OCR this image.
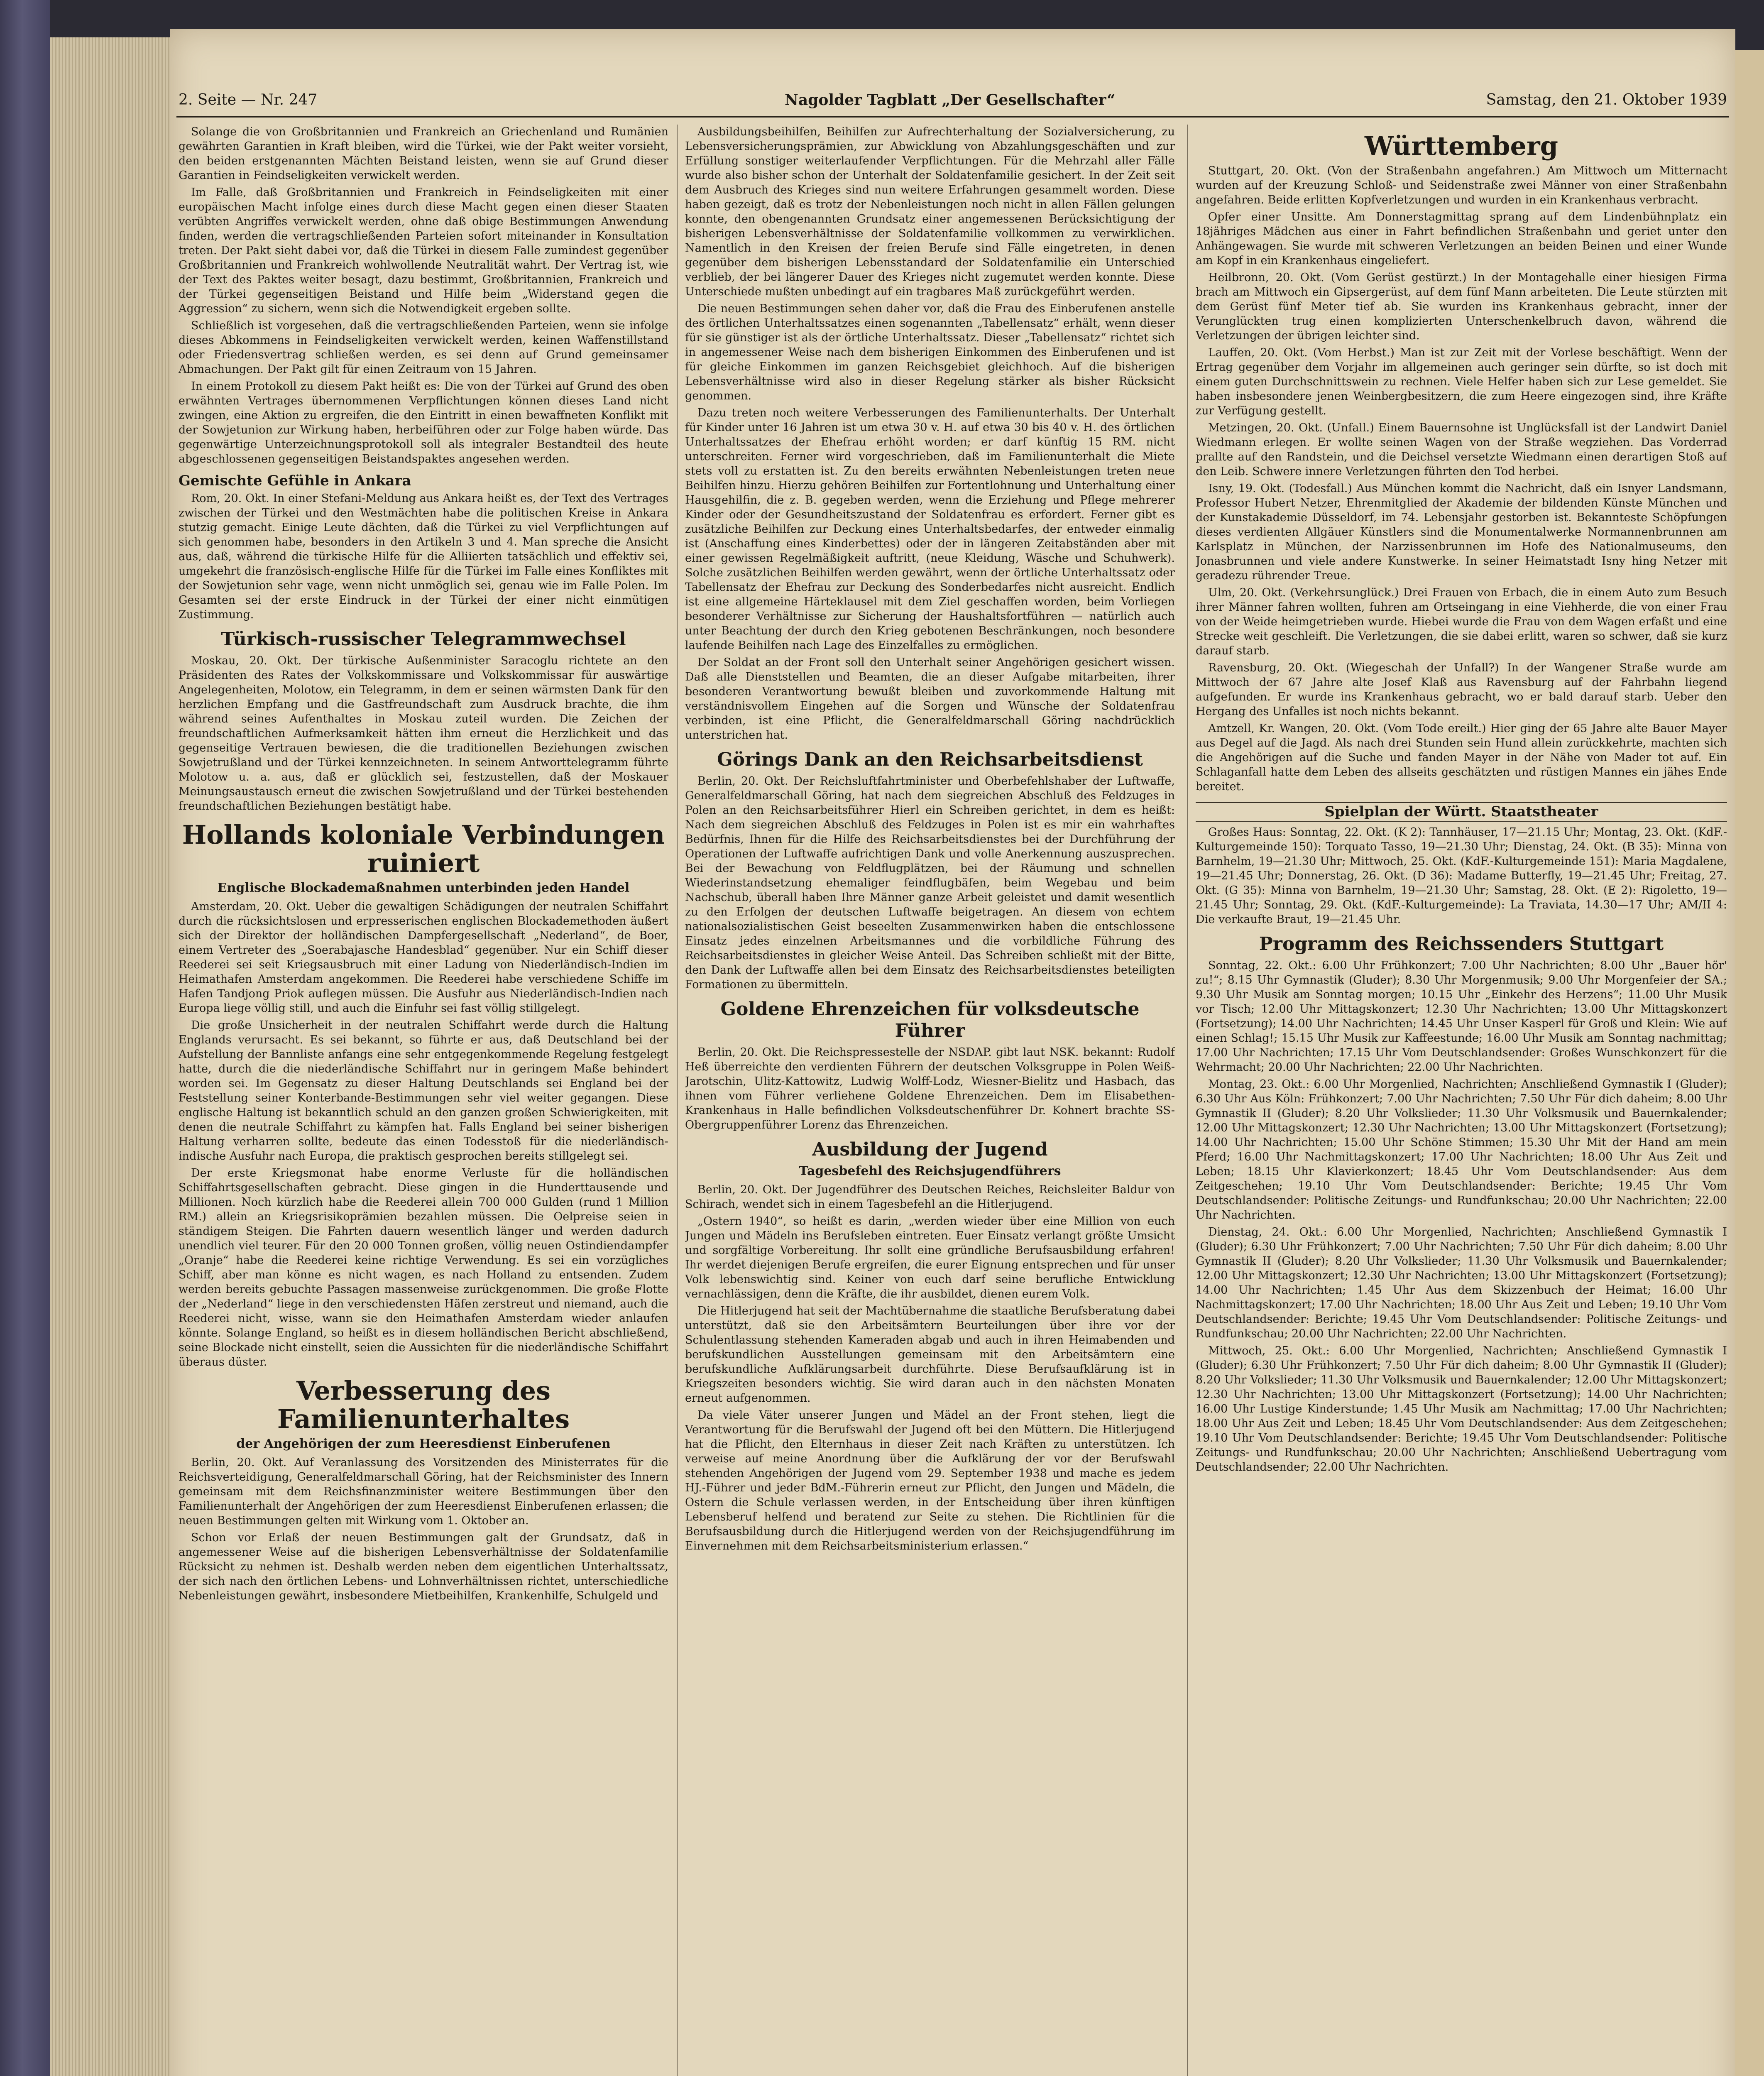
2. Seite — Nr. 247	Nagolder Tagblatt „Der Gesellschafter“	Samstag, den 21. Oktober 1939

Solange die von Großbritannien und Frankreich an Griechenland und Rumänien gewährten Garantien in Kraft bleiben, wird die Türkei, wie der Pakt weiter vorsieht, den beiden erstgenannten Mächten Beistand leisten, wenn sie auf Grund dieser Garantien in Feindseligkeiten verwickelt werden.

Im Falle, daß Großbritannien und Frankreich in Feindseligkeiten mit einer europäischen Macht infolge eines durch diese Macht gegen einen dieser Staaten verübten Angriffes verwickelt werden, ohne daß obige Bestimmungen Anwendung finden, werden die vertragschließenden Parteien sofort miteinander in Konsultation treten. Der Pakt sieht dabei vor, daß die Türkei in diesem Falle zumindest gegenüber Großbritannien und Frankreich wohlwollende Neutralität wahrt. Der Vertrag ist, wie der Text des Paktes weiter besagt, dazu bestimmt, Großbritannien, Frankreich und der Türkei gegenseitigen Beistand und Hilfe beim „Widerstand gegen die Aggression“ zu sichern, wenn sich die Notwendigkeit ergeben sollte.

Schließlich ist vorgesehen, daß die vertragschließenden Parteien, wenn sie infolge dieses Abkommens in Feindseligkeiten verwickelt werden, keinen Waffenstillstand oder Friedensvertrag schließen werden, es sei denn auf Grund gemeinsamer Abmachungen. Der Pakt gilt für einen Zeitraum von 15 Jahren.

In einem Protokoll zu diesem Pakt heißt es: Die von der Türkei auf Grund des oben erwähnten Vertrages übernommenen Verpflichtungen können dieses Land nicht zwingen, eine Aktion zu ergreifen, die den Eintritt in einen bewaffneten Konflikt mit der Sowjetunion zur Wirkung haben, herbeiführen oder zur Folge haben würde. Das gegenwärtige Unterzeichnungsprotokoll soll als integraler Bestandteil des heute abgeschlossenen gegenseitigen Beistandspaktes angesehen werden.

Gemischte Gefühle in Ankara

Rom, 20. Okt. In einer Stefani-Meldung aus Ankara heißt es, der Text des Vertrages zwischen der Türkei und den Westmächten habe die politischen Kreise in Ankara stutzig gemacht. Einige Leute dächten, daß die Türkei zu viel Verpflichtungen auf sich genommen habe, besonders in den Artikeln 3 und 4. Man spreche die Ansicht aus, daß, während die türkische Hilfe für die Alliierten tatsächlich und effektiv sei, umgekehrt die französisch-englische Hilfe für die Türkei im Falle eines Konfliktes mit der Sowjetunion sehr vage, wenn nicht unmöglich sei, genau wie im Falle Polen. Im Gesamten sei der erste Eindruck in der Türkei der einer nicht einmütigen Zustimmung.

Türkisch-russischer Telegrammwechsel

Moskau, 20. Okt. Der türkische Außenminister Saracoglu richtete an den Präsidenten des Rates der Volkskommissare und Volkskommissar für auswärtige Angelegenheiten, Molotow, ein Telegramm, in dem er seinen wärmsten Dank für den herzlichen Empfang und die Gastfreundschaft zum Ausdruck brachte, die ihm während seines Aufenthaltes in Moskau zuteil wurden. Die Zeichen der freundschaftlichen Aufmerksamkeit hätten ihm erneut die Herzlichkeit und das gegenseitige Vertrauen bewiesen, die die traditionellen Beziehungen zwischen Sowjetrußland und der Türkei kennzeichneten. In seinem Antworttelegramm führte Molotow u. a. aus, daß er glücklich sei, festzustellen, daß der Moskauer Meinungsaustausch erneut die zwischen Sowjetrußland und der Türkei bestehenden freundschaftlichen Beziehungen bestätigt habe.

Hollands koloniale Verbindungen ruiniert
Englische Blockademaßnahmen unterbinden jeden Handel

Amsterdam, 20. Okt. Ueber die gewaltigen Schädigungen der neutralen Schiffahrt durch die rücksichtslosen und erpresserischen englischen Blockademethoden äußert sich der Direktor der holländischen Dampfergesellschaft „Nederland“, de Boer, einem Vertreter des „Soerabajasche Handesblad“ gegenüber. Nur ein Schiff dieser Reederei sei seit Kriegsausbruch mit einer Ladung von Niederländisch-Indien im Heimathafen Amsterdam angekommen. Die Reederei habe verschiedene Schiffe im Hafen Tandjong Priok auflegen müssen. Die Ausfuhr aus Niederländisch-Indien nach Europa liege völlig still, und auch die Einfuhr sei fast völlig stillgelegt.

Die große Unsicherheit in der neutralen Schiffahrt werde durch die Haltung Englands verursacht. Es sei bekannt, so führte er aus, daß Deutschland bei der Aufstellung der Bannliste anfangs eine sehr entgegenkommende Regelung festgelegt hatte, durch die die niederländische Schiffahrt nur in geringem Maße behindert worden sei. Im Gegensatz zu dieser Haltung Deutschlands sei England bei der Feststellung seiner Konterbande-Bestimmungen sehr viel weiter gegangen. Diese englische Haltung ist bekanntlich schuld an den ganzen großen Schwierigkeiten, mit denen die neutrale Schiffahrt zu kämpfen hat. Falls England bei seiner bisherigen Haltung verharren sollte, bedeute das einen Todesstoß für die niederländisch-indische Ausfuhr nach Europa, die praktisch gesprochen bereits stillgelegt sei.

Der erste Kriegsmonat habe enorme Verluste für die holländischen Schiffahrtsgesellschaften gebracht. Diese gingen in die Hunderttausende und Millionen. Noch kürzlich habe die Reederei allein 700 000 Gulden (rund 1 Million RM.) allein an Kriegsrisikoprämien bezahlen müssen. Die Oelpreise seien in ständigem Steigen. Die Fahrten dauern wesentlich länger und werden dadurch unendlich viel teurer. Für den 20 000 Tonnen großen, völlig neuen Ostindiendampfer „Oranje“ habe die Reederei keine richtige Verwendung. Es sei ein vorzügliches Schiff, aber man könne es nicht wagen, es nach Holland zu entsenden. Zudem werden bereits gebuchte Passagen massenweise zurückgenommen. Die große Flotte der „Nederland“ liege in den verschiedensten Häfen zerstreut und niemand, auch die Reederei nicht, wisse, wann sie den Heimathafen Amsterdam wieder anlaufen könnte. Solange England, so heißt es in diesem holländischen Bericht abschließend, seine Blockade nicht einstellt, seien die Aussichten für die niederländische Schiffahrt überaus düster.

Verbesserung des Familienunterhaltes
der Angehörigen der zum Heeresdienst Einberufenen

Berlin, 20. Okt. Auf Veranlassung des Vorsitzenden des Ministerrates für die Reichsverteidigung, Generalfeldmarschall Göring, hat der Reichsminister des Innern gemeinsam mit dem Reichsfinanzminister weitere Bestimmungen über den Familienunterhalt der Angehörigen der zum Heeresdienst Einberufenen erlassen; die neuen Bestimmungen gelten mit Wirkung vom 1. Oktober an.

Schon vor Erlaß der neuen Bestimmungen galt der Grundsatz, daß in angemessener Weise auf die bisherigen Lebensverhältnisse der Soldatenfamilie Rücksicht zu nehmen ist. Deshalb werden neben dem eigentlichen Unterhaltssatz, der sich nach den örtlichen Lebens- und Lohnverhältnissen richtet, unterschiedliche Nebenleistungen gewährt, insbesondere Mietbeihilfen, Krankenhilfe, Schulgeld und

Ausbildungsbeihilfen, Beihilfen zur Aufrechterhaltung der Sozialversicherung, zu Lebensversicherungsprämien, zur Abwicklung von Abzahlungsgeschäften und zur Erfüllung sonstiger weiterlaufender Verpflichtungen. Für die Mehrzahl aller Fälle wurde also bisher schon der Unterhalt der Soldatenfamilie gesichert. In der Zeit seit dem Ausbruch des Krieges sind nun weitere Erfahrungen gesammelt worden. Diese haben gezeigt, daß es trotz der Nebenleistungen noch nicht in allen Fällen gelungen konnte, den obengenannten Grundsatz einer angemessenen Berücksichtigung der bisherigen Lebensverhältnisse der Soldatenfamilie vollkommen zu verwirklichen. Namentlich in den Kreisen der freien Berufe sind Fälle eingetreten, in denen gegenüber dem bisherigen Lebensstandard der Soldatenfamilie ein Unterschied verblieb, der bei längerer Dauer des Krieges nicht zugemutet werden konnte. Diese Unterschiede mußten unbedingt auf ein tragbares Maß zurückgeführt werden.

Die neuen Bestimmungen sehen daher vor, daß die Frau des Einberufenen anstelle des örtlichen Unterhaltssatzes einen sogenannten „Tabellensatz“ erhält, wenn dieser für sie günstiger ist als der örtliche Unterhaltssatz. Dieser „Tabellensatz“ richtet sich in angemessener Weise nach dem bisherigen Einkommen des Einberufenen und ist für gleiche Einkommen im ganzen Reichsgebiet gleichhoch. Auf die bisherigen Lebensverhältnisse wird also in dieser Regelung stärker als bisher Rücksicht genommen.

Dazu treten noch weitere Verbesserungen des Familienunterhalts. Der Unterhalt für Kinder unter 16 Jahren ist um etwa 30 v. H. auf etwa 30 bis 40 v. H. des örtlichen Unterhaltssatzes der Ehefrau erhöht worden; er darf künftig 15 RM. nicht unterschreiten. Ferner wird vorgeschrieben, daß im Familienunterhalt die Miete stets voll zu erstatten ist. Zu den bereits erwähnten Nebenleistungen treten neue Beihilfen hinzu. Hierzu gehören Beihilfen zur Fortentlohnung und Unterhaltung einer Hausgehilfin, die z. B. gegeben werden, wenn die Erziehung und Pflege mehrerer Kinder oder der Gesundheitszustand der Soldatenfrau es erfordert. Ferner gibt es zusätzliche Beihilfen zur Deckung eines Unterhaltsbedarfes, der entweder einmalig ist (Anschaffung eines Kinderbettes) oder der in längeren Zeitabständen aber mit einer gewissen Regelmäßigkeit auftritt, (neue Kleidung, Wäsche und Schuhwerk). Solche zusätzlichen Beihilfen werden gewährt, wenn der örtliche Unterhaltssatz oder Tabellensatz der Ehefrau zur Deckung des Sonderbedarfes nicht ausreicht. Endlich ist eine allgemeine Härteklausel mit dem Ziel geschaffen worden, beim Vorliegen besonderer Verhältnisse zur Sicherung der Haushaltsfortführen — natürlich auch unter Beachtung der durch den Krieg gebotenen Beschränkungen, noch besondere laufende Beihilfen nach Lage des Einzelfalles zu ermöglichen.

Der Soldat an der Front soll den Unterhalt seiner Angehörigen gesichert wissen. Daß alle Dienststellen und Beamten, die an dieser Aufgabe mitarbeiten, ihrer besonderen Verantwortung bewußt bleiben und zuvorkommende Haltung mit verständnisvollem Eingehen auf die Sorgen und Wünsche der Soldatenfrau verbinden, ist eine Pflicht, die Generalfeldmarschall Göring nachdrücklich unterstrichen hat.

Görings Dank an den Reichsarbeitsdienst

Berlin, 20. Okt. Der Reichsluftfahrtminister und Oberbefehlshaber der Luftwaffe, Generalfeldmarschall Göring, hat nach dem siegreichen Abschluß des Feldzuges in Polen an den Reichsarbeitsführer Hierl ein Schreiben gerichtet, in dem es heißt: Nach dem siegreichen Abschluß des Feldzuges in Polen ist es mir ein wahrhaftes Bedürfnis, Ihnen für die Hilfe des Reichsarbeitsdienstes bei der Durchführung der Operationen der Luftwaffe aufrichtigen Dank und volle Anerkennung auszusprechen. Bei der Bewachung von Feldflugplätzen, bei der Räumung und schnellen Wiederinstandsetzung ehemaliger feindflugbäfen, beim Wegebau und beim Nachschub, überall haben Ihre Männer ganze Arbeit geleistet und damit wesentlich zu den Erfolgen der deutschen Luftwaffe beigetragen. An diesem von echtem nationalsozialistischen Geist beseelten Zusammenwirken haben die entschlossene Einsatz jedes einzelnen Arbeitsmannes und die vorbildliche Führung des Reichsarbeitsdienstes in gleicher Weise Anteil. Das Schreiben schließt mit der Bitte, den Dank der Luftwaffe allen bei dem Einsatz des Reichsarbeitsdienstes beteiligten Formationen zu übermitteln.

Goldene Ehrenzeichen für volksdeutsche Führer

Berlin, 20. Okt. Die Reichspressestelle der NSDAP. gibt laut NSK. bekannt: Rudolf Heß überreichte den verdienten Führern der deutschen Volksgruppe in Polen Weiß-Jarotschin, Ulitz-Kattowitz, Ludwig Wolff-Lodz, Wiesner-Bielitz und Hasbach, das ihnen vom Führer verliehene Goldene Ehrenzeichen. Dem im Elisabethen-Krankenhaus in Halle befindlichen Volksdeutschenführer Dr. Kohnert brachte SS-Obergruppenführer Lorenz das Ehrenzeichen.

Ausbildung der Jugend
Tagesbefehl des Reichsjugendführers

Berlin, 20. Okt. Der Jugendführer des Deutschen Reiches, Reichsleiter Baldur von Schirach, wendet sich in einem Tagesbefehl an die Hitlerjugend.

„Ostern 1940“, so heißt es darin, „werden wieder über eine Million von euch Jungen und Mädeln ins Berufsleben eintreten. Euer Einsatz verlangt größte Umsicht und sorgfältige Vorbereitung. Ihr sollt eine gründliche Berufsausbildung erfahren! Ihr werdet diejenigen Berufe ergreifen, die eurer Eignung entsprechen und für unser Volk lebenswichtig sind. Keiner von euch darf seine berufliche Entwicklung vernachlässigen, denn die Kräfte, die ihr ausbildet, dienen eurem Volk.

Die Hitlerjugend hat seit der Machtübernahme die staatliche Berufsberatung dabei unterstützt, daß sie den Arbeitsämtern Beurteilungen über ihre vor der Schulentlassung stehenden Kameraden abgab und auch in ihren Heimabenden und berufskundlichen Ausstellungen gemeinsam mit den Arbeitsämtern eine berufskundliche Aufklärungsarbeit durchführte. Diese Berufsaufklärung ist in Kriegszeiten besonders wichtig. Sie wird daran auch in den nächsten Monaten erneut aufgenommen.

Da viele Väter unserer Jungen und Mädel an der Front stehen, liegt die Verantwortung für die Berufswahl der Jugend oft bei den Müttern. Die Hitlerjugend hat die Pflicht, den Elternhaus in dieser Zeit nach Kräften zu unterstützen. Ich verweise auf meine Anordnung über die Aufklärung der vor der Berufswahl stehenden Angehörigen der Jugend vom 29. September 1938 und mache es jedem HJ.-Führer und jeder BdM.-Führerin erneut zur Pflicht, den Jungen und Mädeln, die Ostern die Schule verlassen werden, in der Entscheidung über ihren künftigen Lebensberuf helfend und beratend zur Seite zu stehen. Die Richtlinien für die Berufsausbildung durch die Hitlerjugend werden von der Reichsjugendführung im Einvernehmen mit dem Reichsarbeitsministerium erlassen.“

Württemberg

Stuttgart, 20. Okt. (Von der Straßenbahn angefahren.) Am Mittwoch um Mitternacht wurden auf der Kreuzung Schloß- und Seidenstraße zwei Männer von einer Straßenbahn angefahren. Beide erlitten Kopfverletzungen und wurden in ein Krankenhaus verbracht.

Opfer einer Unsitte. Am Donnerstagmittag sprang auf dem Lindenbühnplatz ein 18jähriges Mädchen aus einer in Fahrt befindlichen Straßenbahn und geriet unter den Anhängewagen. Sie wurde mit schweren Verletzungen an beiden Beinen und einer Wunde am Kopf in ein Krankenhaus eingeliefert.

Heilbronn, 20. Okt. (Vom Gerüst gestürzt.) In der Montagehalle einer hiesigen Firma brach am Mittwoch ein Gipsergerüst, auf dem fünf Mann arbeiteten. Die Leute stürzten mit dem Gerüst fünf Meter tief ab. Sie wurden ins Krankenhaus gebracht, inner der Verunglückten trug einen komplizierten Unterschenkelbruch davon, während die Verletzungen der übrigen leichter sind.

Lauffen, 20. Okt. (Vom Herbst.) Man ist zur Zeit mit der Vorlese beschäftigt. Wenn der Ertrag gegenüber dem Vorjahr im allgemeinen auch geringer sein dürfte, so ist doch mit einem guten Durchschnittswein zu rechnen. Viele Helfer haben sich zur Lese gemeldet. Sie haben insbesondere jenen Weinbergbesitzern, die zum Heere eingezogen sind, ihre Kräfte zur Verfügung gestellt.

Metzingen, 20. Okt. (Unfall.) Einem Bauernsohne ist Unglücksfall ist der Landwirt Daniel Wiedmann erlegen. Er wollte seinen Wagen von der Straße wegziehen. Das Vorderrad prallte auf den Randstein, und die Deichsel versetzte Wiedmann einen derartigen Stoß auf den Leib. Schwere innere Verletzungen führten den Tod herbei.

Isny, 19. Okt. (Todesfall.) Aus München kommt die Nachricht, daß ein Isnyer Landsmann, Professor Hubert Netzer, Ehrenmitglied der Akademie der bildenden Künste München und der Kunstakademie Düsseldorf, im 74. Lebensjahr gestorben ist. Bekannteste Schöpfungen dieses verdienten Allgäuer Künstlers sind die Monumentalwerke Normannenbrunnen am Karlsplatz in München, der Narzissenbrunnen im Hofe des Nationalmuseums, den Jonasbrunnen und viele andere Kunstwerke. In seiner Heimatstadt Isny hing Netzer mit geradezu rührender Treue.

Ulm, 20. Okt. (Verkehrsunglück.) Drei Frauen von Erbach, die in einem Auto zum Besuch ihrer Männer fahren wollten, fuhren am Ortseingang in eine Viehherde, die von einer Frau von der Weide heimgetrieben wurde. Hiebei wurde die Frau von dem Wagen erfaßt und eine Strecke weit geschleift. Die Verletzungen, die sie dabei erlitt, waren so schwer, daß sie kurz darauf starb.

Ravensburg, 20. Okt. (Wiegeschah der Unfall?) In der Wangener Straße wurde am Mittwoch der 67 Jahre alte Josef Klaß aus Ravensburg auf der Fahrbahn liegend aufgefunden. Er wurde ins Krankenhaus gebracht, wo er bald darauf starb. Ueber den Hergang des Unfalles ist noch nichts bekannt.

Amtzell, Kr. Wangen, 20. Okt. (Vom Tode ereilt.) Hier ging der 65 Jahre alte Bauer Mayer aus Degel auf die Jagd. Als nach drei Stunden sein Hund allein zurückkehrte, machten sich die Angehörigen auf die Suche und fanden Mayer in der Nähe von Mader tot auf. Ein Schlaganfall hatte dem Leben des allseits geschätzten und rüstigen Mannes ein jähes Ende bereitet.

Spielplan der Württ. Staatstheater

Großes Haus: Sonntag, 22. Okt. (K 2): Tannhäuser, 17—21.15 Uhr; Montag, 23. Okt. (KdF.-Kulturgemeinde 150): Torquato Tasso, 19—21.30 Uhr; Dienstag, 24. Okt. (B 35): Minna von Barnhelm, 19—21.30 Uhr; Mittwoch, 25. Okt. (KdF.-Kulturgemeinde 151): Maria Magdalene, 19—21.45 Uhr; Donnerstag, 26. Okt. (D 36): Madame Butterfly, 19—21.45 Uhr; Freitag, 27. Okt. (G 35): Minna von Barnhelm, 19—21.30 Uhr; Samstag, 28. Okt. (E 2): Rigoletto, 19—21.45 Uhr; Sonntag, 29. Okt. (KdF.-Kulturgemeinde): La Traviata, 14.30—17 Uhr; AM/II 4: Die verkaufte Braut, 19—21.45 Uhr.

Programm des Reichssenders Stuttgart

Sonntag, 22. Okt.: 6.00 Uhr Frühkonzert; 7.00 Uhr Nachrichten; 8.00 Uhr „Bauer hör' zu!“; 8.15 Uhr Gymnastik (Gluder); 8.30 Uhr Morgenmusik; 9.00 Uhr Morgenfeier der SA.; 9.30 Uhr Musik am Sonntag morgen; 10.15 Uhr „Einkehr des Herzens“; 11.00 Uhr Musik vor Tisch; 12.00 Uhr Mittagskonzert; 12.30 Uhr Nachrichten; 13.00 Uhr Mittagskonzert (Fortsetzung); 14.00 Uhr Nachrichten; 14.45 Uhr Unser Kasperl für Groß und Klein: Wie auf einen Schlag!; 15.15 Uhr Musik zur Kaffeestunde; 16.00 Uhr Musik am Sonntag nachmittag; 17.00 Uhr Nachrichten; 17.15 Uhr Vom Deutschlandsender: Großes Wunschkonzert für die Wehrmacht; 20.00 Uhr Nachrichten; 22.00 Uhr Nachrichten.

Montag, 23. Okt.: 6.00 Uhr Morgenlied, Nachrichten; Anschließend Gymnastik I (Gluder); 6.30 Uhr Aus Köln: Frühkonzert; 7.00 Uhr Nachrichten; 7.50 Uhr Für dich daheim; 8.00 Uhr Gymnastik II (Gluder); 8.20 Uhr Volkslieder; 11.30 Uhr Volksmusik und Bauernkalender; 12.00 Uhr Mittagskonzert; 12.30 Uhr Nachrichten; 13.00 Uhr Mittagskonzert (Fortsetzung); 14.00 Uhr Nachrichten; 15.00 Uhr Schöne Stimmen; 15.30 Uhr Mit der Hand am mein Pferd; 16.00 Uhr Nachmittagskonzert; 17.00 Uhr Nachrichten; 18.00 Uhr Aus Zeit und Leben; 18.15 Uhr Klavierkonzert; 18.45 Uhr Vom Deutschlandsender: Aus dem Zeitgeschehen; 19.10 Uhr Vom Deutschlandsender: Berichte; 19.45 Uhr Vom Deutschlandsender: Politische Zeitungs- und Rundfunkschau; 20.00 Uhr Nachrichten; 22.00 Uhr Nachrichten.

Dienstag, 24. Okt.: 6.00 Uhr Morgenlied, Nachrichten; Anschließend Gymnastik I (Gluder); 6.30 Uhr Frühkonzert; 7.00 Uhr Nachrichten; 7.50 Uhr Für dich daheim; 8.00 Uhr Gymnastik II (Gluder); 8.20 Uhr Volkslieder; 11.30 Uhr Volksmusik und Bauernkalender; 12.00 Uhr Mittagskonzert; 12.30 Uhr Nachrichten; 13.00 Uhr Mittagskonzert (Fortsetzung); 14.00 Uhr Nachrichten; 1.45 Uhr Aus dem Skizzenbuch der Heimat; 16.00 Uhr Nachmittagskonzert; 17.00 Uhr Nachrichten; 18.00 Uhr Aus Zeit und Leben; 19.10 Uhr Vom Deutschlandsender: Berichte; 19.45 Uhr Vom Deutschlandsender: Politische Zeitungs- und Rundfunkschau; 20.00 Uhr Nachrichten; 22.00 Uhr Nachrichten.

Mittwoch, 25. Okt.: 6.00 Uhr Morgenlied, Nachrichten; Anschließend Gymnastik I (Gluder); 6.30 Uhr Frühkonzert; 7.50 Uhr Für dich daheim; 8.00 Uhr Gymnastik II (Gluder); 8.20 Uhr Volkslieder; 11.30 Uhr Volksmusik und Bauernkalender; 12.00 Uhr Mittagskonzert; 12.30 Uhr Nachrichten; 13.00 Uhr Mittagskonzert (Fortsetzung); 14.00 Uhr Nachrichten; 16.00 Uhr Lustige Kinderstunde; 1.45 Uhr Musik am Nachmittag; 17.00 Uhr Nachrichten; 18.00 Uhr Aus Zeit und Leben; 18.45 Uhr Vom Deutschlandsender: Aus dem Zeitgeschehen; 19.10 Uhr Vom Deutschlandsender: Berichte; 19.45 Uhr Vom Deutschlandsender: Politische Zeitungs- und Rundfunkschau; 20.00 Uhr Nachrichten; Anschließend Uebertragung vom Deutschlandsender; 22.00 Uhr Nachrichten.
